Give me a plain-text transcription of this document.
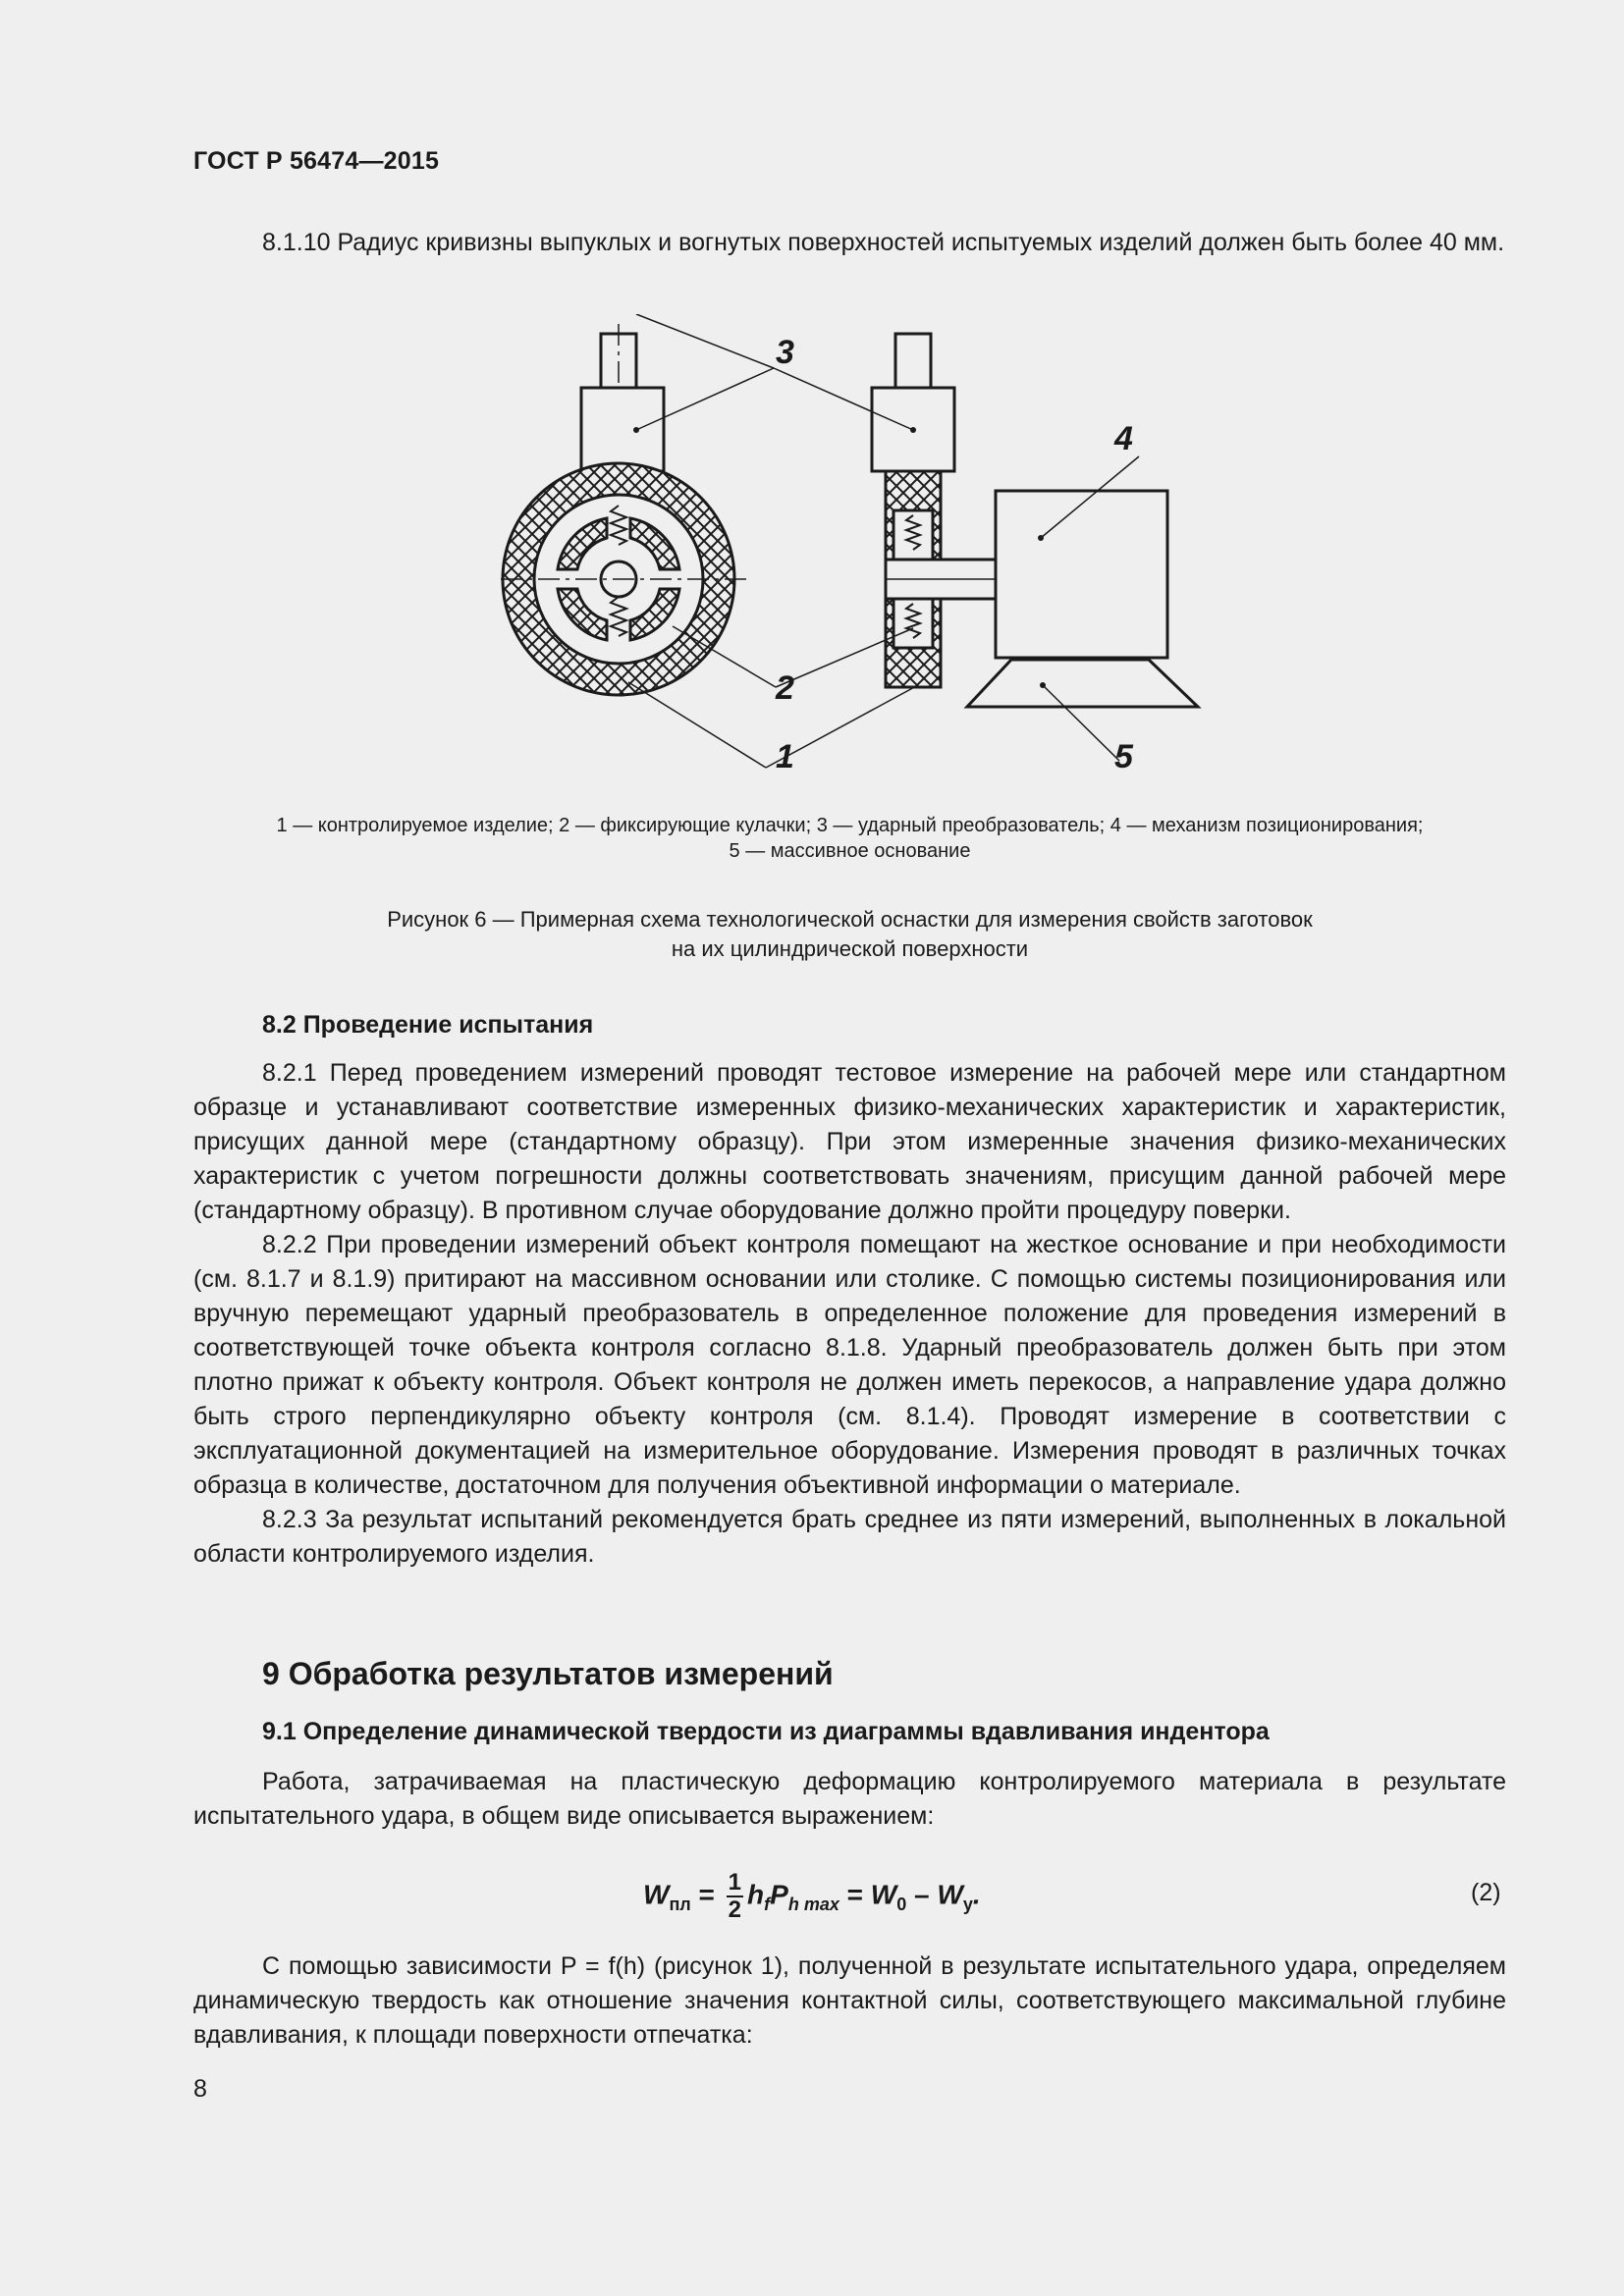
ГОСТ Р 56474—2015

8.1.10 Радиус кривизны выпуклых и вогнутых поверхностей испытуемых изделий должен быть более 40 мм.

3
4
2
1	5
1 — контролируемое изделие; 2 — фиксирующие кулачки; 3 — ударный преобразователь; 4 — механизм позиционирования;
5 — массивное основание
Рисунок 6 — Примерная схема технологической оснастки для измерения свойств заготовок
на их цилиндрической поверхности
8.2 Проведение испытания

8.2.1 Перед проведением измерений проводят тестовое измерение на рабочей мере или стандартном образце и устанавливают соответствие измеренных физико-механических характеристик и характеристик, присущих данной мере (стандартному образцу). При этом измеренные значения физико-механических характеристик с учетом погрешности должны соответствовать значениям, присущим данной рабочей мере (стандартному образцу). В противном случае оборудование должно пройти процедуру поверки.

8.2.2 При проведении измерений объект контроля помещают на жесткое основание и при необходимости (см. 8.1.7 и 8.1.9) притирают на массивном основании или столике. С помощью системы позиционирования или вручную перемещают ударный преобразователь в определенное положение для проведения измерений в соответствующей точке объекта контроля согласно 8.1.8. Ударный преобразователь должен быть при этом плотно прижат к объекту контроля. Объект контроля не должен иметь перекосов, а направление удара должно быть строго перпендикулярно объекту контроля (см. 8.1.4). Проводят измерение в соответствии с эксплуатационной документацией на измерительное оборудование. Измерения проводят в различных точках образца в количестве, достаточном для получения объективной информации о материале.

8.2.3 За результат испытаний рекомендуется брать среднее из пяти измерений, выполненных в локальной области контролируемого изделия.

9 Обработка результатов измерений
9.1 Определение динамической твердости из диаграммы вдавливания индентора

Работа, затрачиваемая на пластическую деформацию контролируемого материала в результате испытательного удара, в общем виде описывается выражением:

$W_{пл} = \frac{1}{2} h_fP_{h max} = W_0 - W_у$.	(2)

С помощью зависимости P = f(h) (рисунок 1), полученной в результате испытательного удара, определяем динамическую твердость как отношение значения контактной силы, соответствующего максимальной глубине вдавливания, к площади поверхности отпечатка:

8
